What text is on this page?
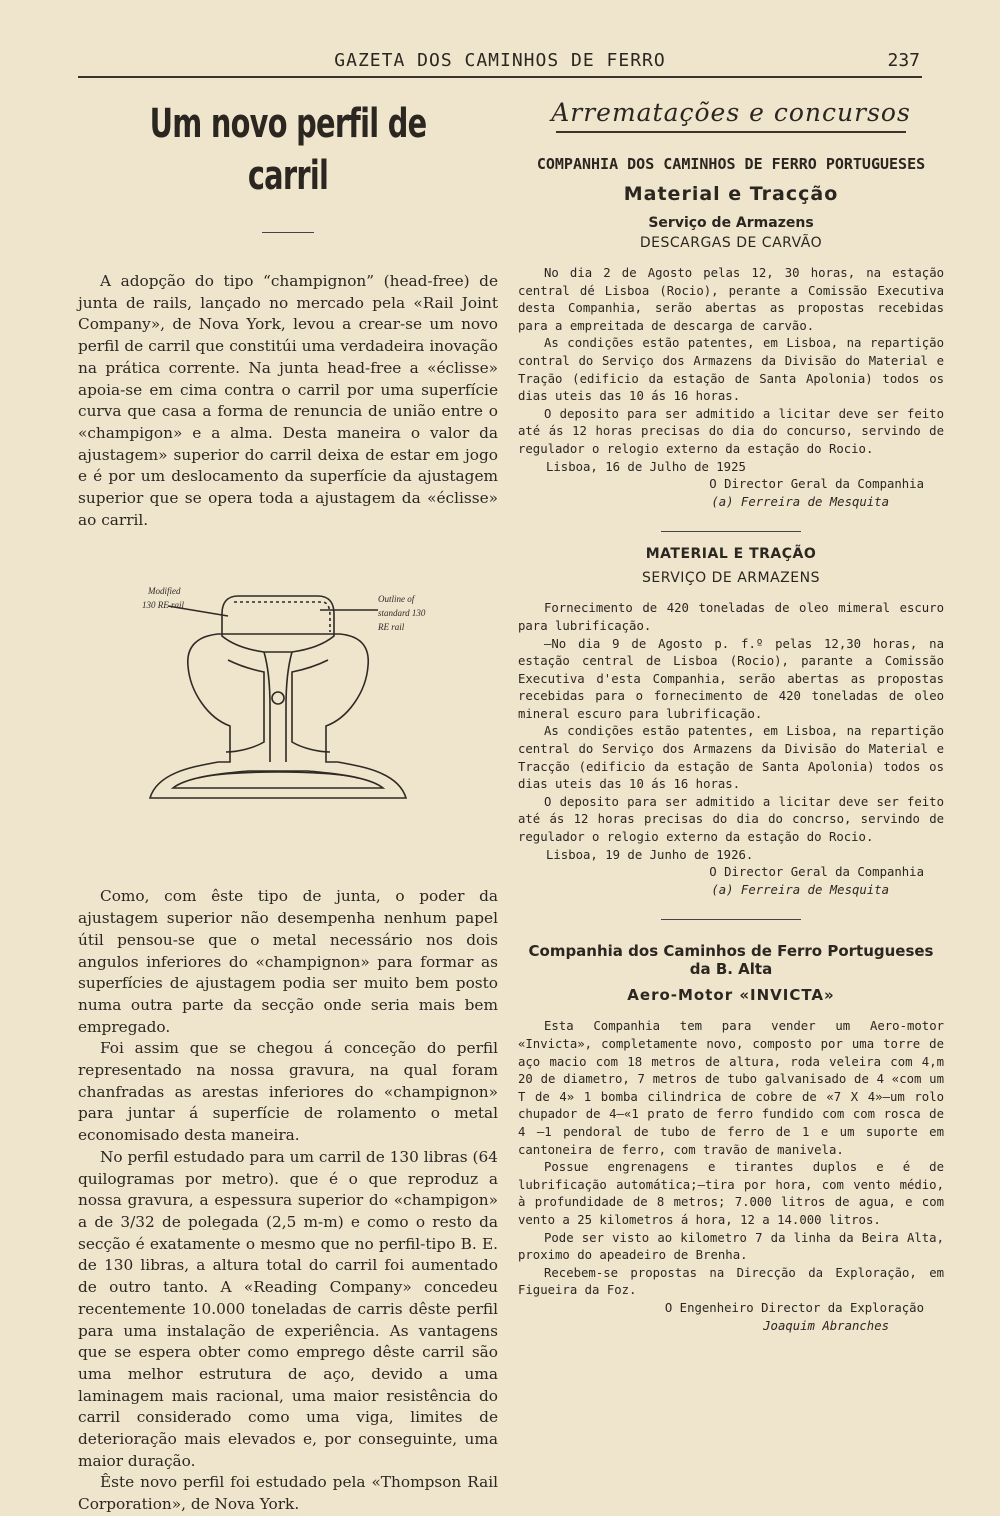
GAZETA DOS CAMINHOS DE FERRO	237
Um novo perfil de carril

A adopção do tipo “champignon” (head-free) de junta de rails, lançado no mercado pela «Rail Joint Company», de Nova York, levou a crear-se um novo perfil de carril que constitúi uma verdadeira inovação na prática corrente. Na junta head-free a «éclisse» apoia-se em cima contra o carril por uma superfície curva que casa a forma de renuncia de união entre o «champigon» e a alma. Desta maneira o valor da ajustagem» superior do carril deixa de estar em jogo e é por um deslocamento da superfície da ajustagem superior que se opera toda a ajustagem da «éclisse» ao carril.

Modified
130 RE rail
Outline of
standard 130
RE rail

Como, com êste tipo de junta, o poder da ajustagem superior não desempenha nenhum papel útil pensou-se que o metal necessário nos dois angulos inferiores do «champignon» para formar as superfícies de ajustagem podia ser muito bem posto numa outra parte da secção onde seria mais bem empregado.

Foi assim que se chegou á conceção do perfil representado na nossa gravura, na qual foram chanfradas as arestas inferiores do «champignon» para juntar á superfície de rolamento o metal economisado desta maneira.

No perfil estudado para um carril de 130 libras (64 quilogramas por metro). que é o que reproduz a nossa gravura, a espessura superior do «champigon» a de 3/32 de polegada (2,5 m-m) e como o resto da secção é exatamente o mesmo que no perfil-tipo B. E. de 130 libras, a altura total do carril foi aumentado de outro tanto. A «Reading Company» concedeu recentemente 10.000 toneladas de carris dêste perfil para uma instalação de experiência. As vantagens que se espera obter como emprego dêste carril são uma melhor estrutura de aço, devido a uma laminagem mais racional, uma maior resistência do carril considerado como uma viga, limites de deterioração mais elevados e, por conseguinte, uma maior duração.

Êste novo perfil foi estudado pela «Thompson Rail Corporation», de Nova York.

Arrematações e concursos
COMPANHIA DOS CAMINHOS DE FERRO PORTUGUESES
Material e Tracção
Serviço de Armazens
DESCARGAS DE CARVÃO

No dia 2 de Agosto pelas 12, 30 horas, na estação central dé Lisboa (Rocio), perante a Comissão Executiva desta Companhia, serão abertas as propostas recebidas para a empreitada de descarga de carvão.

As condições estão patentes, em Lisboa, na repartição contral do Serviço dos Armazens da Divisão do Material e Tração (edificio da estação de Santa Apolonia) todos os dias uteis das 10 ás 16 horas.

O deposito para ser admitido a licitar deve ser feito até ás 12 horas precisas do dia do concurso, servindo de regulador o relogio externo da estação do Rocio.

Lisboa, 16 de Julho de 1925

O Director Geral da Companhia

(a) Ferreira de Mesquita

MATERIAL E TRAÇÃO
SERVIÇO DE ARMAZENS

Fornecimento de 420 toneladas de oleo mimeral escuro para lubrificação.

—No dia 9 de Agosto p. f.º pelas 12,30 horas, na estação central de Lisboa (Rocio), parante a Comissão Executiva d'esta Companhia, serão abertas as propostas recebidas para o fornecimento de 420 toneladas de oleo mineral escuro para lubrificação.

As condições estão patentes, em Lisboa, na repartição central do Serviço dos Armazens da Divisão do Material e Tracção (edificio da estação de Santa Apolonia) todos os dias uteis das 10 ás 16 horas.

O deposito para ser admitido a licitar deve ser feito até ás 12 horas precisas do dia do concrso, servindo de regulador o relogio externo da estação do Rocio.

Lisboa, 19 de Junho de 1926.

O Director Geral da Companhia

(a) Ferreira de Mesquita

Companhia dos Caminhos de Ferro Portugueses da B. Alta
Aero-Motor «INVICTA»

Esta Companhia tem para vender um Aero-motor «Invicta», completamente novo, composto por uma torre de aço macio com 18 metros de altura, roda veleira com 4,m 20 de diametro, 7 metros de tubo galvanisado de 4 «com um T de 4» 1 bomba cilindrica de cobre de «7 X 4»—um rolo chupador de 4—«1 prato de ferro fundido com com rosca de 4 —1 pendoral de tubo de ferro de 1 e um suporte em cantoneira de ferro, com travão de manivela.

Possue engrenagens e tirantes duplos e é de lubrificação automática;—tira por hora, com vento médio, à profundidade de 8 metros; 7.000 litros de agua, e com vento a 25 kilometros á hora, 12 a 14.000 litros.

Pode ser visto ao kilometro 7 da linha da Beira Alta, proximo do apeadeiro de Brenha.

Recebem-se propostas na Direcção da Exploração, em Figueira da Foz.

O Engenheiro Director da Exploração

Joaquim Abranches
